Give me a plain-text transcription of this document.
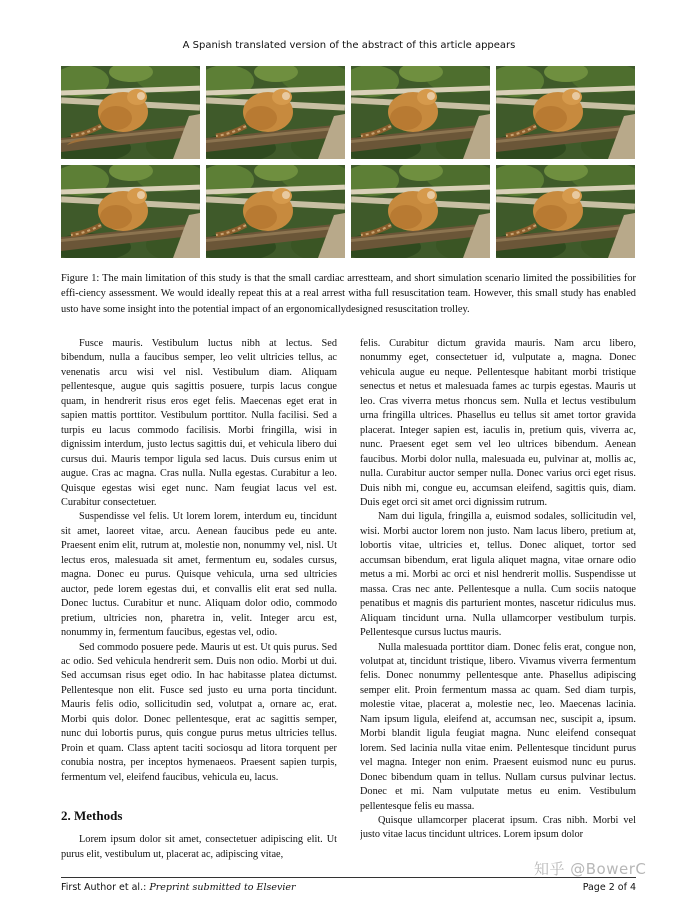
A Spanish translated version of the abstract of this article appears
Figure 1: The main limitation of this study is that the small cardiac arrestteam, and short simulation scenario limited the possibilities for effi-ciency assessment. We would ideally repeat this at a real arrest witha full resuscitation team. However, this small study has enabled usto have some insight into the potential impact of an ergonomicallydesigned resuscitation trolley.

Fusce mauris. Vestibulum luctus nibh at lectus. Sed bibendum, nulla a faucibus semper, leo velit ultricies tellus, ac venenatis arcu wisi vel nisl. Vestibulum diam. Aliquam pellentesque, augue quis sagittis posuere, turpis lacus congue quam, in hendrerit risus eros eget felis. Maecenas eget erat in sapien mattis porttitor. Vestibulum porttitor. Nulla facilisi. Sed a turpis eu lacus commodo facilisis. Morbi fringilla, wisi in dignissim interdum, justo lectus sagittis dui, et vehicula libero dui cursus dui. Mauris tempor ligula sed lacus. Duis cursus enim ut augue. Cras ac magna. Cras nulla. Nulla egestas. Curabitur a leo. Quisque egestas wisi eget nunc. Nam feugiat lacus vel est. Curabitur consectetuer.

Suspendisse vel felis. Ut lorem lorem, interdum eu, tincidunt sit amet, laoreet vitae, arcu. Aenean faucibus pede eu ante. Praesent enim elit, rutrum at, molestie non, nonummy vel, nisl. Ut lectus eros, malesuada sit amet, fermentum eu, sodales cursus, magna. Donec eu purus. Quisque vehicula, urna sed ultricies auctor, pede lorem egestas dui, et convallis elit erat sed nulla. Donec luctus. Curabitur et nunc. Aliquam dolor odio, commodo pretium, ultricies non, pharetra in, velit. Integer arcu est, nonummy in, fermentum faucibus, egestas vel, odio.

Sed commodo posuere pede. Mauris ut est. Ut quis purus. Sed ac odio. Sed vehicula hendrerit sem. Duis non odio. Morbi ut dui. Sed accumsan risus eget odio. In hac habitasse platea dictumst. Pellentesque non elit. Fusce sed justo eu urna porta tincidunt. Mauris felis odio, sollicitudin sed, volutpat a, ornare ac, erat. Morbi quis dolor. Donec pellentesque, erat ac sagittis semper, nunc dui lobortis purus, quis congue purus metus ultricies tellus. Proin et quam. Class aptent taciti sociosqu ad litora torquent per conubia nostra, per inceptos hymenaeos. Praesent sapien turpis, fermentum vel, eleifend faucibus, vehicula eu, lacus.

2. Methods

Lorem ipsum dolor sit amet, consectetuer adipiscing elit. Ut purus elit, vestibulum ut, placerat ac, adipiscing vitae,

felis. Curabitur dictum gravida mauris. Nam arcu libero, nonummy eget, consectetuer id, vulputate a, magna. Donec vehicula augue eu neque. Pellentesque habitant morbi tristique senectus et netus et malesuada fames ac turpis egestas. Mauris ut leo. Cras viverra metus rhoncus sem. Nulla et lectus vestibulum urna fringilla ultrices. Phasellus eu tellus sit amet tortor gravida placerat. Integer sapien est, iaculis in, pretium quis, viverra ac, nunc. Praesent eget sem vel leo ultrices bibendum. Aenean faucibus. Morbi dolor nulla, malesuada eu, pulvinar at, mollis ac, nulla. Curabitur auctor semper nulla. Donec varius orci eget risus. Duis nibh mi, congue eu, accumsan eleifend, sagittis quis, diam. Duis eget orci sit amet orci dignissim rutrum.

Nam dui ligula, fringilla a, euismod sodales, sollicitudin vel, wisi. Morbi auctor lorem non justo. Nam lacus libero, pretium at, lobortis vitae, ultricies et, tellus. Donec aliquet, tortor sed accumsan bibendum, erat ligula aliquet magna, vitae ornare odio metus a mi. Morbi ac orci et nisl hendrerit mollis. Suspendisse ut massa. Cras nec ante. Pellentesque a nulla. Cum sociis natoque penatibus et magnis dis parturient montes, nascetur ridiculus mus. Aliquam tincidunt urna. Nulla ullamcorper vestibulum turpis. Pellentesque cursus luctus mauris.

Nulla malesuada porttitor diam. Donec felis erat, congue non, volutpat at, tincidunt tristique, libero. Vivamus viverra fermentum felis. Donec nonummy pellentesque ante. Phasellus adipiscing semper elit. Proin fermentum massa ac quam. Sed diam turpis, molestie vitae, placerat a, molestie nec, leo. Maecenas lacinia. Nam ipsum ligula, eleifend at, accumsan nec, suscipit a, ipsum. Morbi blandit ligula feugiat magna. Nunc eleifend consequat lorem. Sed lacinia nulla vitae enim. Pellentesque tincidunt purus vel magna. Integer non enim. Praesent euismod nunc eu purus. Donec bibendum quam in tellus. Nullam cursus pulvinar lectus. Donec et mi. Nam vulputate metus eu enim. Vestibulum pellentesque felis eu massa.

Quisque ullamcorper placerat ipsum. Cras nibh. Morbi vel justo vitae lacus tincidunt ultrices. Lorem ipsum dolor

知乎 @BowerC
First Author et al.: Preprint submitted to Elsevier	Page 2 of 4
